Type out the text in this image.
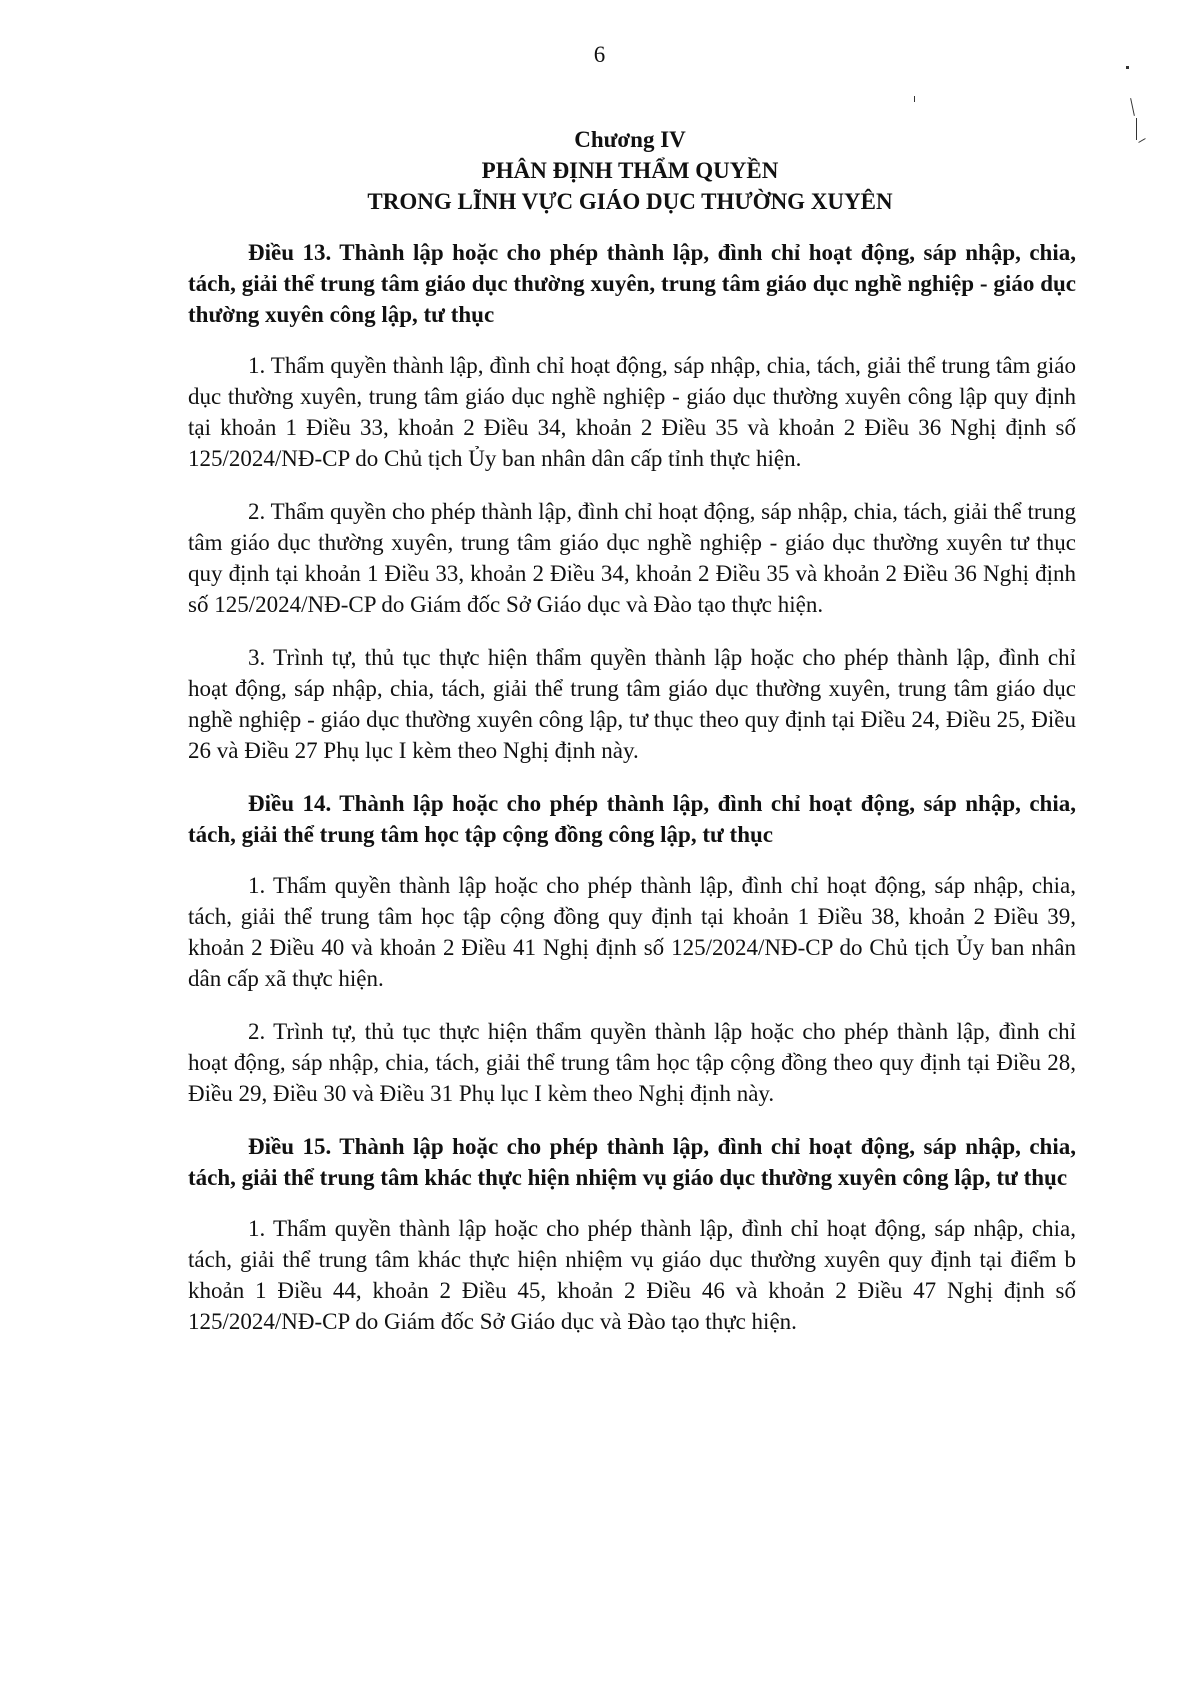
6
Chương IV
PHÂN ĐỊNH THẨM QUYỀN
TRONG LĨNH VỰC GIÁO DỤC THƯỜNG XUYÊN

Điều 13. Thành lập hoặc cho phép thành lập, đình chỉ hoạt động, sáp nhập, chia, tách, giải thể trung tâm giáo dục thường xuyên, trung tâm giáo dục nghề nghiệp - giáo dục thường xuyên công lập, tư thục

1. Thẩm quyền thành lập, đình chỉ hoạt động, sáp nhập, chia, tách, giải thể trung tâm giáo dục thường xuyên, trung tâm giáo dục nghề nghiệp - giáo dục thường xuyên công lập quy định tại khoản 1 Điều 33, khoản 2 Điều 34, khoản 2 Điều 35 và khoản 2 Điều 36 Nghị định số 125/2024/NĐ-CP do Chủ tịch Ủy ban nhân dân cấp tỉnh thực hiện.

2. Thẩm quyền cho phép thành lập, đình chỉ hoạt động, sáp nhập, chia, tách, giải thể trung tâm giáo dục thường xuyên, trung tâm giáo dục nghề nghiệp - giáo dục thường xuyên tư thục quy định tại khoản 1 Điều 33, khoản 2 Điều 34, khoản 2 Điều 35 và khoản 2 Điều 36 Nghị định số 125/2024/NĐ-CP do Giám đốc Sở Giáo dục và Đào tạo thực hiện.

3. Trình tự, thủ tục thực hiện thẩm quyền thành lập hoặc cho phép thành lập, đình chỉ hoạt động, sáp nhập, chia, tách, giải thể trung tâm giáo dục thường xuyên, trung tâm giáo dục nghề nghiệp - giáo dục thường xuyên công lập, tư thục theo quy định tại Điều 24, Điều 25, Điều 26 và Điều 27 Phụ lục I kèm theo Nghị định này.

Điều 14. Thành lập hoặc cho phép thành lập, đình chỉ hoạt động, sáp nhập, chia, tách, giải thể trung tâm học tập cộng đồng công lập, tư thục

1. Thẩm quyền thành lập hoặc cho phép thành lập, đình chỉ hoạt động, sáp nhập, chia, tách, giải thể trung tâm học tập cộng đồng quy định tại khoản 1 Điều 38, khoản 2 Điều 39, khoản 2 Điều 40 và khoản 2 Điều 41 Nghị định số 125/2024/NĐ-CP do Chủ tịch Ủy ban nhân dân cấp xã thực hiện.

2. Trình tự, thủ tục thực hiện thẩm quyền thành lập hoặc cho phép thành lập, đình chỉ hoạt động, sáp nhập, chia, tách, giải thể trung tâm học tập cộng đồng theo quy định tại Điều 28, Điều 29, Điều 30 và Điều 31 Phụ lục I kèm theo Nghị định này.

Điều 15. Thành lập hoặc cho phép thành lập, đình chỉ hoạt động, sáp nhập, chia, tách, giải thể trung tâm khác thực hiện nhiệm vụ giáo dục thường xuyên công lập, tư thục

1. Thẩm quyền thành lập hoặc cho phép thành lập, đình chỉ hoạt động, sáp nhập, chia, tách, giải thể trung tâm khác thực hiện nhiệm vụ giáo dục thường xuyên quy định tại điểm b khoản 1 Điều 44, khoản 2 Điều 45, khoản 2 Điều 46 và khoản 2 Điều 47 Nghị định số 125/2024/NĐ-CP do Giám đốc Sở Giáo dục và Đào tạo thực hiện.
